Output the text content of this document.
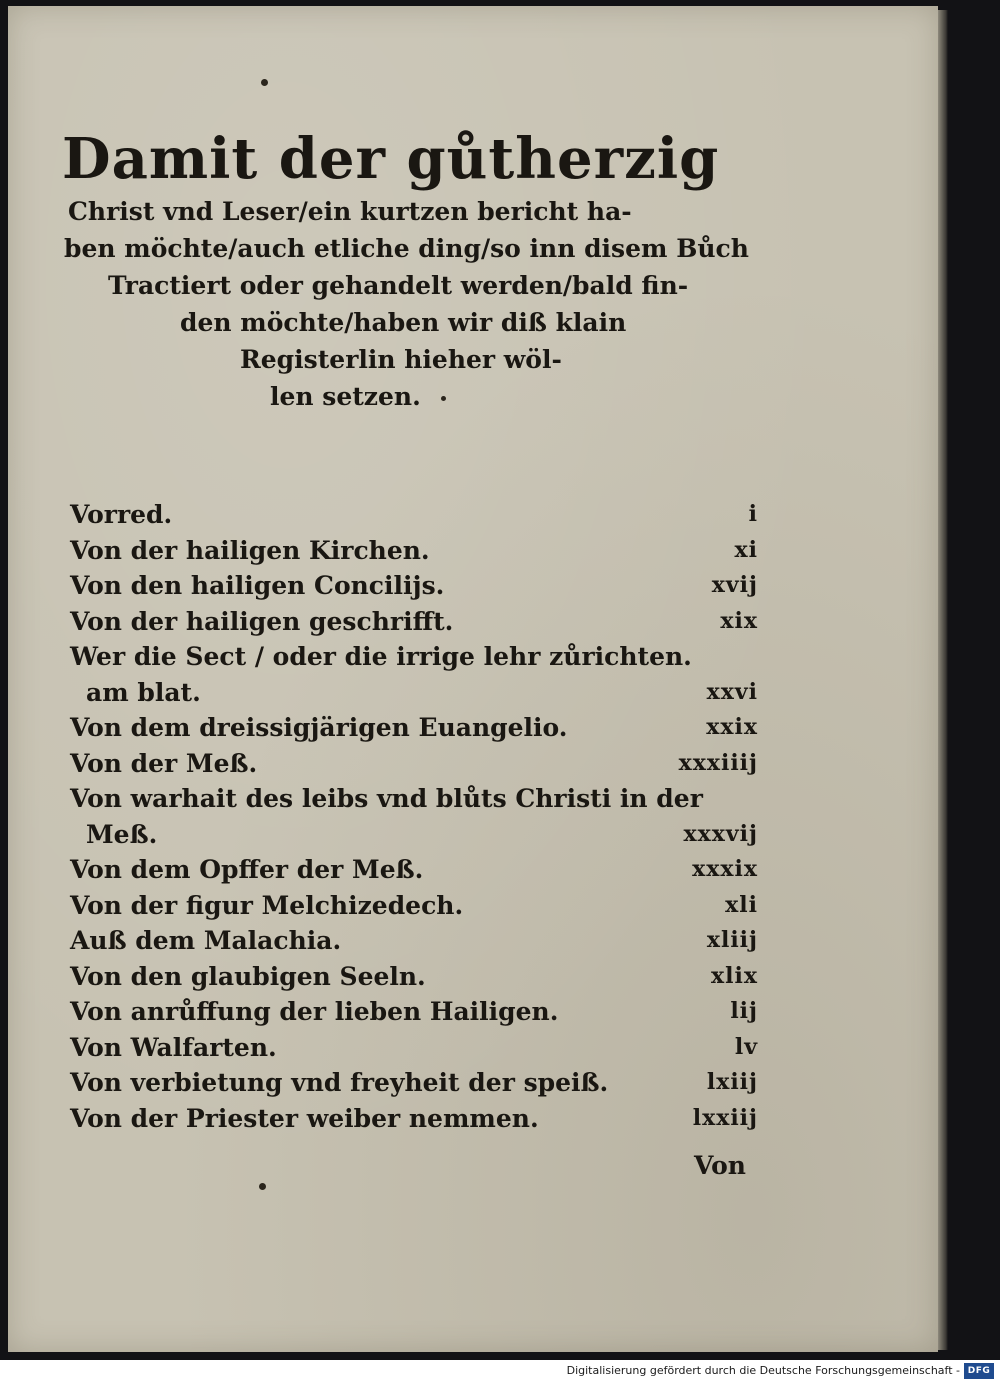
Damit der gůtherzig

Christ vnd Leser/ein kurtzen bericht ha-

ben möchte/auch etliche ding/so inn disem Bůch

Tractiert oder gehandelt werden/bald fin-

den möchte/haben wir diß klain

Registerlin hieher wöl-

len setzen.

Vorred.	i
Von der hailigen Kirchen.	xi
Von den hailigen Concilijs.	xvij
Von der hailigen geschrifft.	xix
Wer die Sect / oder die irrige lehr zůrichten.
am blat.	xxvi
Von dem dreissigjärigen Euangelio.	xxix
Von der Meß.	xxxiiij
Von warhait des leibs vnd blůts Christi in der
Meß.	xxxvij
Von dem Opffer der Meß.	xxxix
Von der figur Melchizedech.	xli
Auß dem Malachia.	xliij
Von den glaubigen Seeln.	xlix
Von anrůffung der lieben Hailigen.	lij
Von Walfarten.	lv
Von verbietung vnd freyheit der speiß.	lxiij
Von der Priester weiber nemmen.	lxxiij
Von
Digitalisierung gefördert durch die Deutsche Forschungsgemeinschaft - DFG
